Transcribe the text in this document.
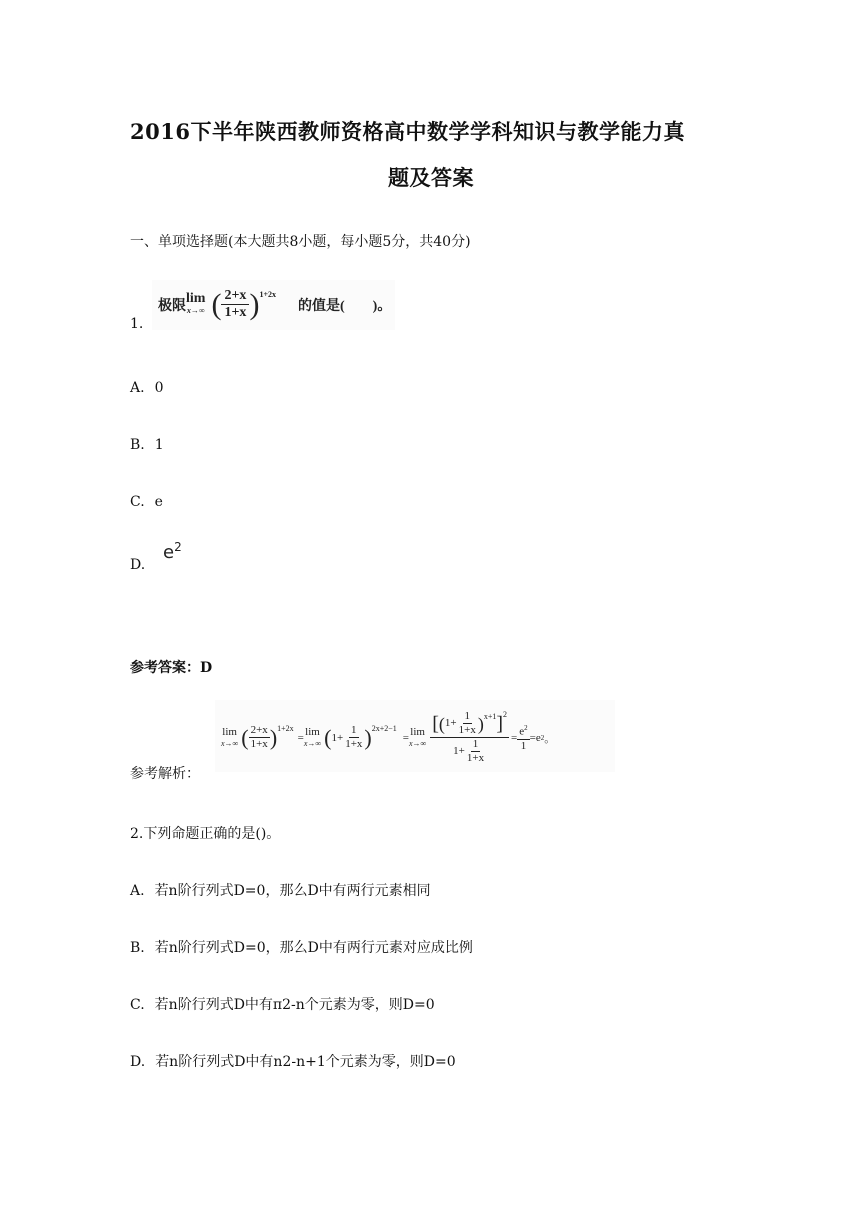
2016下半年陕西教师资格高中数学学科知识与教学能力真
题及答案
一、单项选择题(本大题共8小题，每小题5分，共40分)
1.
极限
lim
x→∞ ( $\frac{2+x}{1+x}$ ) 1+2x
的值是(　　)。
A. 0
B. 1
C. e
D.
$e^2$
参考答案：D
参考解析：
lim
x→∞ ( $\frac{2+x}{1+x}$ ) 1+2x
= lim
x→∞ ( $1+ \frac{1}{1+x}$ ) 2x+2−1
= lim
x→∞
[ ( $1+ \frac{1}{1+x}$ ) x+1 ] 2
$1+ \frac{1}{1+x}$
= $\frac{e^2}{1} =e$ 2 。
2.下列命题正确的是()。
A. 若n阶行列式D=0，那么D中有两行元素相同
B. 若n阶行列式D=0，那么D中有两行元素对应成比例
C. 若n阶行列式D中有π2-n个元素为零，则D=0
D. 若n阶行列式D中有n2-n+1个元素为零，则D=0
